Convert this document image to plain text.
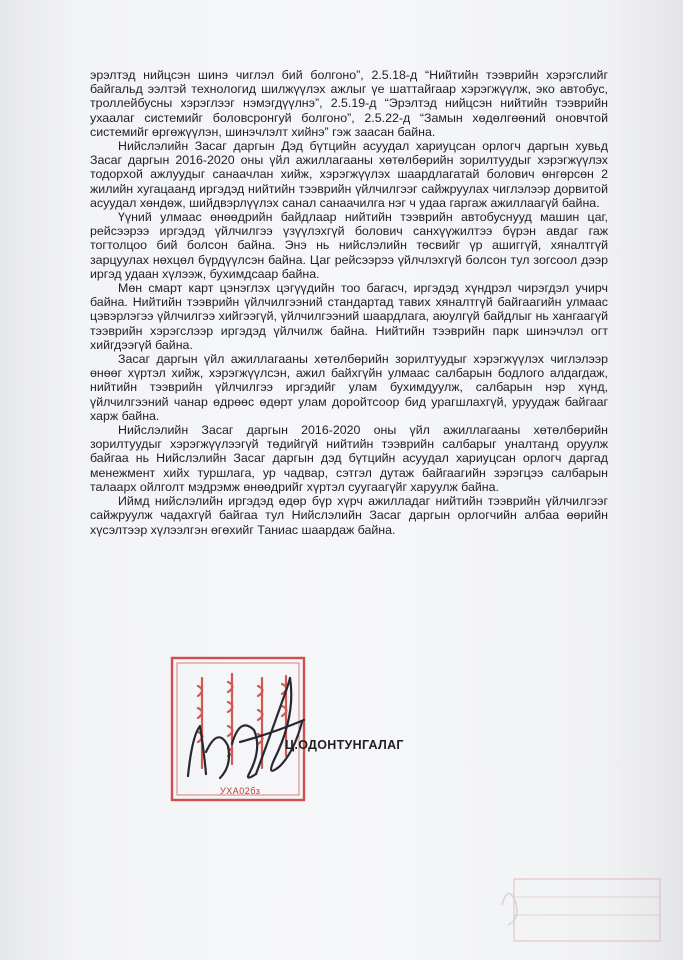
эрэлтэд нийцсэн шинэ чиглэл бий болгоно”, 2.5.18-д “Нийтийн тээврийн хэрэгслийг байгальд ээлтэй технологид шилжүүлэх ажлыг үе шаттайгаар хэрэгжүүлж, эко автобус, троллейбусны хэрэглээг нэмэгдүүлнэ”, 2.5.19-д “Эрэлтэд нийцсэн нийтийн тээврийн ухаалаг системийг боловсронгуй болгоно”, 2.5.22-д “Замын хөдөлгөөний оновчтой системийг өргөжүүлэн, шинэчлэлт хийнэ” гэж заасан байна.

Нийслэлийн Засаг даргын Дэд бүтцийн асуудал хариуцсан орлогч даргын хувьд Засаг даргын 2016-2020 оны үйл ажиллагааны хөтөлбөрийн зорилтуудыг хэрэгжүүлэх тодорхой ажлуудыг санаачлан хийж, хэрэгжүүлэх шаардлагатай болович өнгөрсөн 2 жилийн хугацаанд иргэдэд нийтийн тээврийн үйлчилгээг сайжруулах чиглэлээр дорвитой асуудал хөндөж, шийдвэрлүүлэх санал санаачилга нэг ч удаа гаргаж ажиллаагүй байна.

Үүний улмаас өнөөдрийн байдлаар нийтийн тээврийн автобуснууд машин цаг, рейсээрээ иргэдэд үйлчилгээ үзүүлэхгүй болович санхүүжилтээ бүрэн авдаг гаж тогтолцоо бий болсон байна. Энэ нь нийслэлийн төсвийг үр ашиггүй, хяналтгүй зарцуулах нөхцөл бүрдүүлсэн байна. Цаг рейсээрээ үйлчлэхгүй болсон тул зогсоол дээр иргэд удаан хүлээж, бухимдсаар байна.

Мөн смарт карт цэнэглэх цэгүүдийн тоо багасч, иргэдэд хүндрэл чирэгдэл учирч байна. Нийтийн тээврийн үйлчилгээний стандартад тавих хяналтгүй байгаагийн улмаас цэвэрлэгээ үйлчилгээ хийгээгүй, үйлчилгээний шаардлага, аюулгүй байдлыг нь хангаагүй тээврийн хэрэгслээр иргэдэд үйлчилж байна. Нийтийн тээврийн парк шинэчлэл огт хийгдээгүй байна.

Засаг даргын үйл ажиллагааны хөтөлбөрийн зорилтуудыг хэрэгжүүлэх чиглэлээр өнөөг хүртэл хийж, хэрэгжүүлсэн, ажил байхгүйн улмаас салбарын бодлого алдагдаж, нийтийн тээврийн үйлчилгээ иргэдийг улам бухимдуулж, салбарын нэр хүнд, үйлчилгээний чанар өдрөөс өдөрт улам доройтсоор бид урагшлахгүй, уруудаж байгааг харж байна.

Нийслэлийн Засаг даргын 2016-2020 оны үйл ажиллагааны хөтөлбөрийн зорилтуудыг хэрэгжүүлээгүй төдийгүй нийтийн тээврийн салбарыг уналтанд оруулж байгаа нь Нийслэлийн Засаг даргын дэд бүтцийн асуудал хариуцсан орлогч даргад менежмент хийх туршлага, ур чадвар, сэтгэл дутаж байгаагийн зэрэгцээ салбарын талаарх ойлголт мэдрэмж өнөөдрийг хүртэл суугаагүйг харуулж байна.

Иймд нийслэлийн иргэдэд өдөр бүр хүрч ажилладаг нийтийн тээврийн үйлчилгээг сайжруулж чадахгүй байгаа тул Нийслэлийн Засаг даргын орлогчийн албаа өөрийн хүсэлтээр хүлээлгэн өгөхийг Таниас шаардаж байна.

УХА02бз
Ц.ОДОНТУНГАЛАГ
